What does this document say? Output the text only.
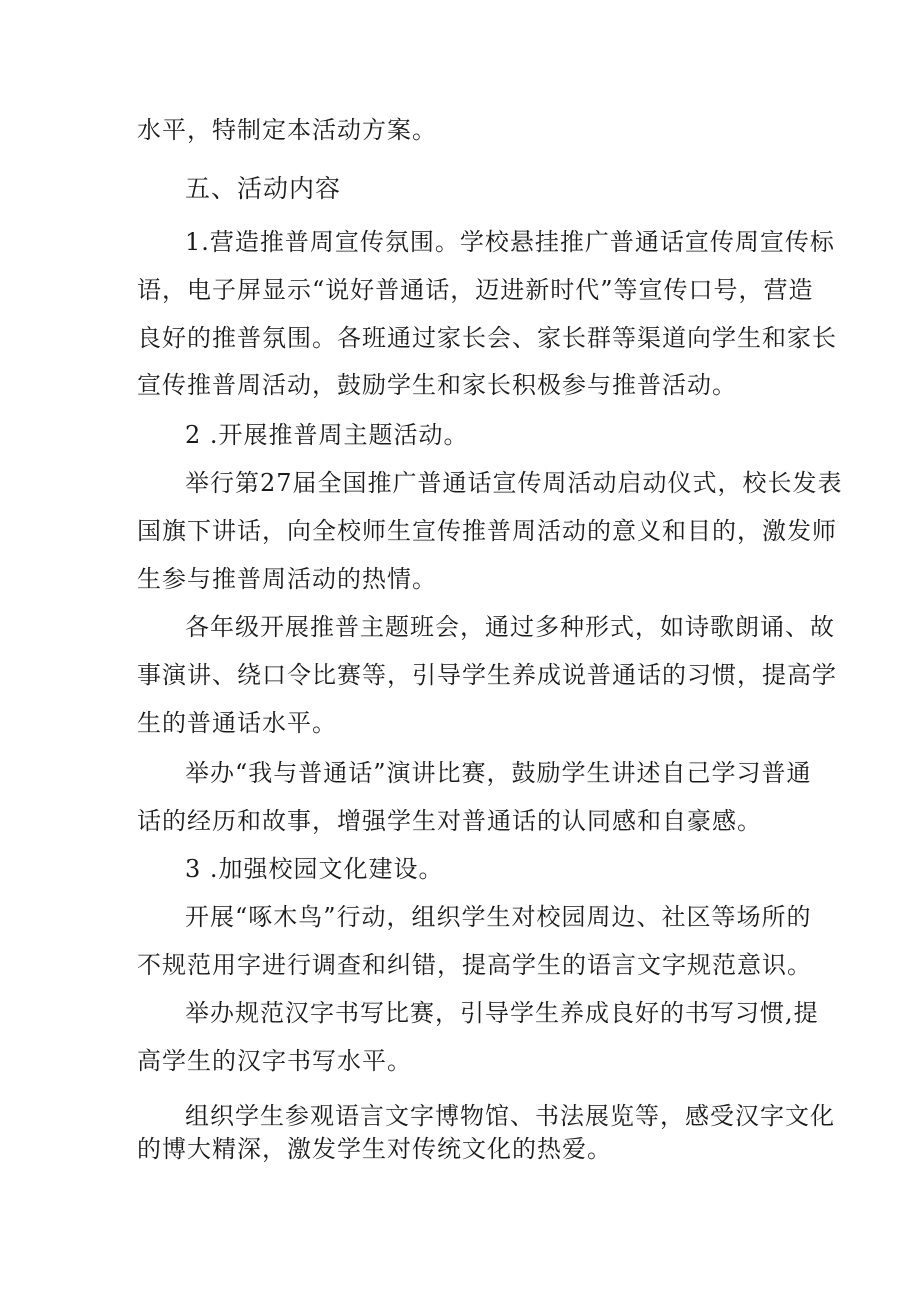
水平，特制定本活动方案。
五、活动内容
1.营造推普周宣传氛围。学校悬挂推广普通话宣传周宣传标
语，电子屏显示“说好普通话，迈进新时代”等宣传口号，营造
良好的推普氛围。各班通过家长会、家长群等渠道向学生和家长
宣传推普周活动，鼓励学生和家长积极参与推普活动。
2 .开展推普周主题活动。
举行第27届全国推广普通话宣传周活动启动仪式，校长发表
国旗下讲话，向全校师生宣传推普周活动的意义和目的，激发师
生参与推普周活动的热情。
各年级开展推普主题班会，通过多种形式，如诗歌朗诵、故
事演讲、绕口令比赛等，引导学生养成说普通话的习惯，提高学
生的普通话水平。
举办“我与普通话”演讲比赛，鼓励学生讲述自己学习普通
话的经历和故事，增强学生对普通话的认同感和自豪感。
3 .加强校园文化建设。
开展“啄木鸟”行动，组织学生对校园周边、社区等场所的
不规范用字进行调查和纠错，提高学生的语言文字规范意识。
举办规范汉字书写比赛，引导学生养成良好的书写习惯,提
高学生的汉字书写水平。
组织学生参观语言文字博物馆、书法展览等，感受汉字文化
的博大精深，激发学生对传统文化的热爱。
